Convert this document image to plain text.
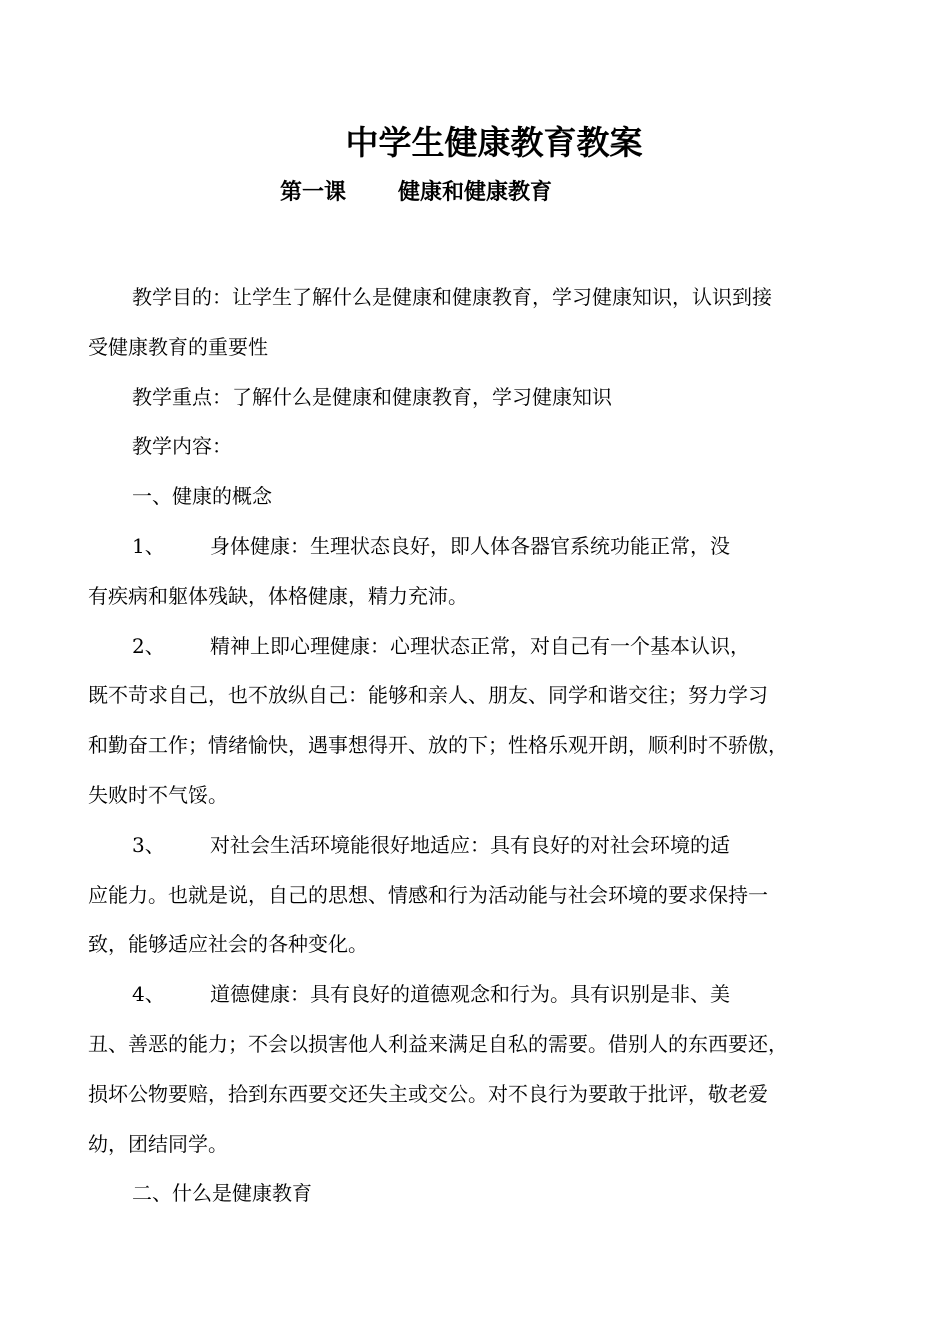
中学生健康教育教案
第一课 健康和健康教育
教学目的：让学生了解什么是健康和健康教育，学习健康知识，认识到接
受健康教育的重要性
教学重点：了解什么是健康和健康教育，学习健康知识
教学内容：
一、健康的概念
1、 身体健康：生理状态良好，即人体各器官系统功能正常，没
有疾病和躯体残缺，体格健康，精力充沛。
2、 精神上即心理健康：心理状态正常，对自己有一个基本认识，
既不苛求自己，也不放纵自己：能够和亲人、朋友、同学和谐交往；努力学习
和勤奋工作；情绪愉快，遇事想得开、放的下；性格乐观开朗，顺利时不骄傲，
失败时不气馁。
3、 对社会生活环境能很好地适应：具有良好的对社会环境的适
应能力。也就是说，自己的思想、情感和行为活动能与社会环境的要求保持一
致，能够适应社会的各种变化。
4、 道德健康：具有良好的道德观念和行为。具有识别是非、美
丑、善恶的能力；不会以损害他人利益来满足自私的需要。借别人的东西要还，
损坏公物要赔，拾到东西要交还失主或交公。对不良行为要敢于批评，敬老爱
幼，团结同学。
二、什么是健康教育
